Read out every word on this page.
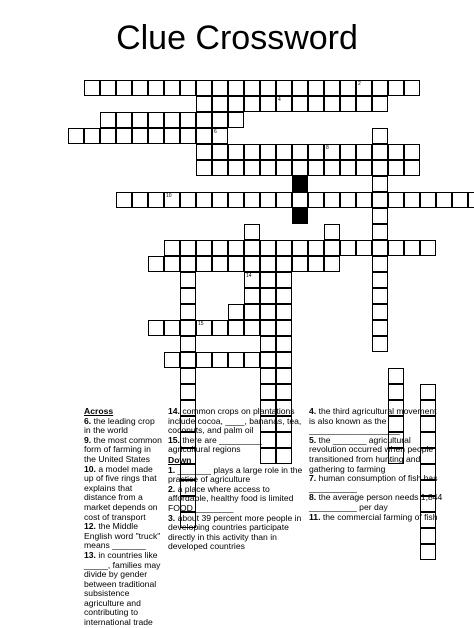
Clue Crossword
6
2
10
15
8
14
4
Across
6. the leading crop in the world
9. the most common form of farming in the United States
10. a model made up of five rings that explains that distance from a market depends on cost of transport
12. the Middle English word "truck" means _______
13. in countries like _____, families may divide by gender between traditional subsistence agriculture and contributing to international trade
14. common crops on plantations include cocoa, ____, bananas, tea, coconuts, and palm oil
15. there are _________ agricultural regions
Down
1. _______ plays a large role in the practice of agriculture
2. a place where access to affordable, healthy food is limited FOOD ________
3. about 39 percent more people in developing countries participate directly in this activity than in developed countries
4. the third agricultural movement is also known as the ___________________
5. the _______ agricultural revolution occurred when people transitioned from hunting and gathering to farming
7. human consumption of fish has __________
8. the average person needs 1,844 __________ per day
11. the commercial farming of fish
